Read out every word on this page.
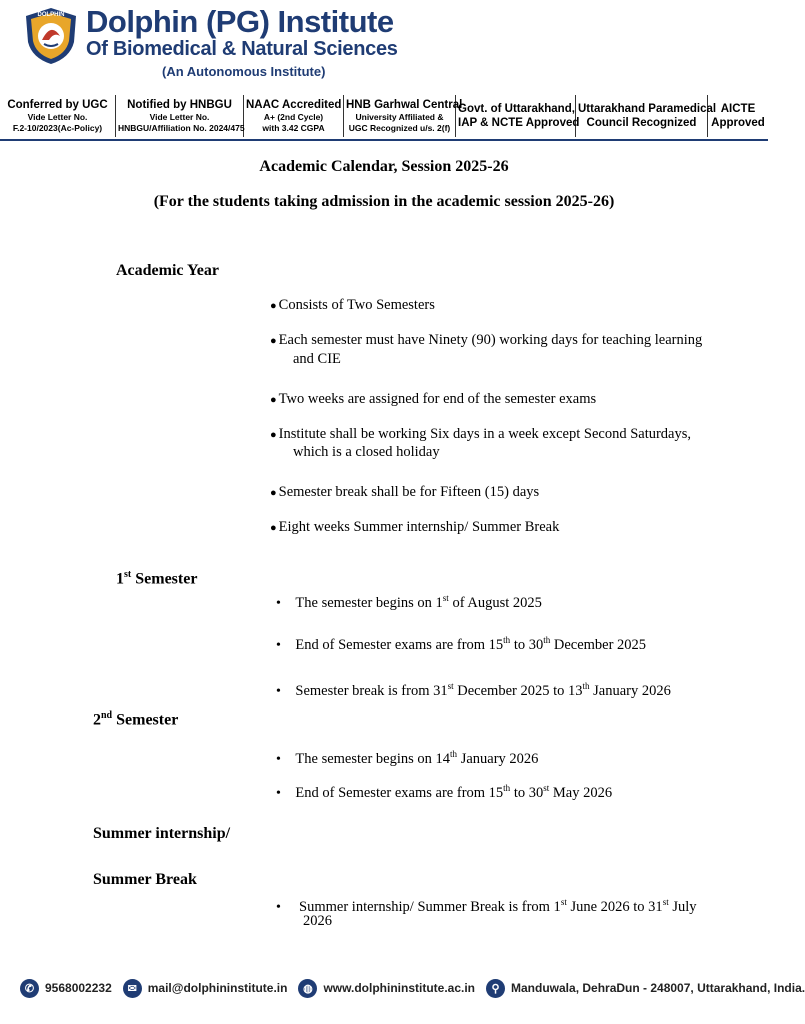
DOLPHIN Dolphin (PG) Institute
Of Biomedical & Natural Sciences
(An Autonomous Institute)
Conferred by UGC
Vide Letter No.
F.2-10/2023(Ac-Policy)
Notified by HNBGU
Vide Letter No.
HNBGU/Affiliation No. 2024/475
NAAC Accredited
A+ (2nd Cycle)
with 3.42 CGPA
HNB Garhwal Central
University Affiliated &
UGC Recognized u/s. 2(f)
Govt. of Uttarakhand,
IAP & NCTE Approved
Uttarakhand Paramedical
Council Recognized
AICTE
Approved
Academic Calendar, Session 2025-26
(For the students taking admission in the academic session 2025-26)
Academic Year
● Consists of Two Semesters
● Each semester must have Ninety (90) working days for teaching learning
and CIE
● Two weeks are assigned for end of the semester exams
● Institute shall be working Six days in a week except Second Saturdays,
which is a closed holiday
● Semester break shall be for Fifteen (15) days
● Eight weeks Summer internship/ Summer Break
1st Semester
• The semester begins on 1st of August 2025
• End of Semester exams are from 15th to 30th December 2025
• Semester break is from 31st December 2025 to 13th January 2026
2nd Semester
• The semester begins on 14th January 2026
• End of Semester exams are from 15th to 30st May 2026
Summer internship/
Summer Break
• Summer internship/ Summer Break is from 1st June 2026 to 31st July
2026
✆ 9568002232	✉ mail@dolphininstitute.in	◍ www.dolphininstitute.ac.in	⚲ Manduwala, DehraDun - 248007, Uttarakhand, India.
